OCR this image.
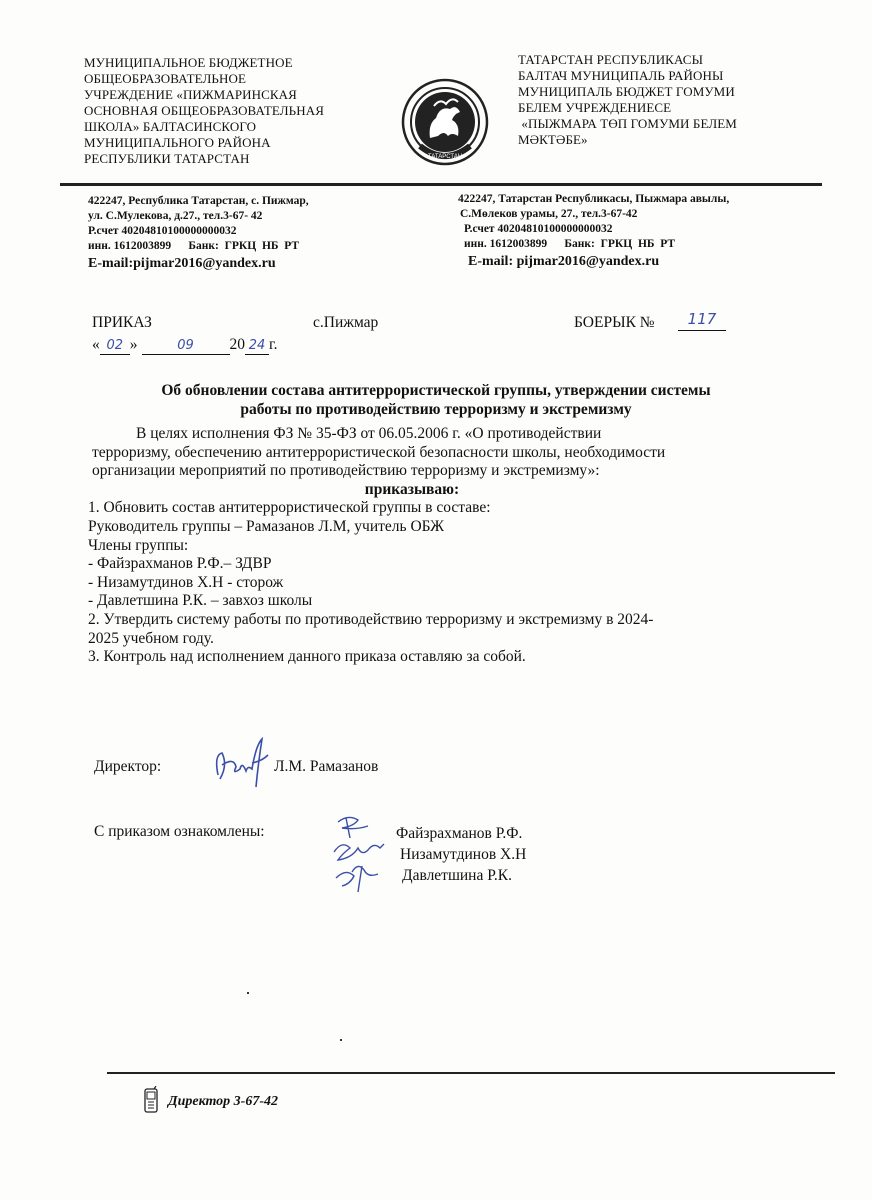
МУНИЦИПАЛЬНОЕ БЮДЖЕТНОЕ
ОБЩЕОБРАЗОВАТЕЛЬНОЕ
УЧРЕЖДЕНИЕ «ПИЖМАРИНСКАЯ
ОСНОВНАЯ ОБЩЕОБРАЗОВАТЕЛЬНАЯ
ШКОЛА» БАЛТАСИНСКОГО
МУНИЦИПАЛЬНОГО РАЙОНА
РЕСПУБЛИКИ ТАТАРСТАН	ТАТАРСТАН
ТАТАРСТАН РЕСПУБЛИКАСЫ
БАЛТАЧ МУНИЦИПАЛЬ РАЙОНЫ
МУНИЦИПАЛЬ БЮДЖЕТ ГОМУМИ
БЕЛЕМ УЧРЕЖДЕНИЕСЕ
«ПЫЖМАРА ТӨП ГОМУМИ БЕЛЕМ
МӘКТӘБЕ»
422247, Республика Татарстан, с. Пижмар,
ул. С.Мулекова, д.27., тел.3-67- 42
Р.счет 40204810100000000032
инн. 1612003899      Банк:  ГРКЦ  НБ  РТ
E-mail:pijmar2016@yandex.ru
422247, Татарстан Республикасы, Пыжмара авылы,
С.Мөлеков урамы, 27., тел.3-67-42
Р.счет 40204810100000000032
инн. 1612003899      Банк:  ГРКЦ  НБ  РТ
E-mail: pijmar2016@yandex.ru
ПРИКАЗ	с.Пижмар	БОЕРЫК №	117
« 02 »	09 20 24 г.
Об обновлении состава антитеррористической группы, утверждении системы
работы по противодействию терроризму и экстремизму
В целях исполнения ФЗ № 35-ФЗ от 06.05.2006 г. «О противодействии
терроризму, обеспечению антитеррористической безопасности школы, необходимости
организации мероприятий по противодействию терроризму и экстремизму»:
приказываю:
1. Обновить состав антитеррористической группы в составе:
Руководитель группы – Рамазанов Л.М, учитель ОБЖ
Члены группы:
- Файзрахманов Р.Ф.– ЗДВР
- Низамутдинов Х.Н - сторож
- Давлетшина Р.К. – завхоз школы
2. Утвердить систему работы по противодействию терроризму и экстремизму в 2024-
2025 учебном году.
3. Контроль над исполнением данного приказа оставляю за собой.
Директор:	Л.М. Рамазанов
С приказом ознакомлены:	Файзрахманов Р.Ф.
Низамутдинов Х.Н
Давлетшина Р.К.
Директор 3-67-42
